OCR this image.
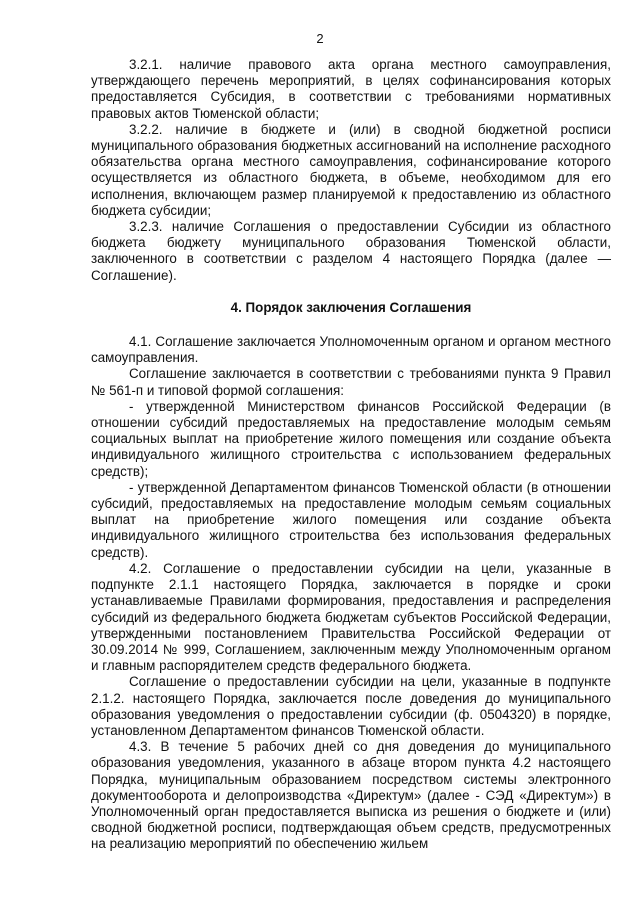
2

3.2.1. наличие правового акта органа местного самоуправления, утверждающего перечень мероприятий, в целях софинансирования которых предоставляется Субсидия, в соответствии с требованиями нормативных правовых актов Тюменской области;

3.2.2. наличие в бюджете и (или) в сводной бюджетной росписи муниципального образования бюджетных ассигнований на исполнение расходного обязательства органа местного самоуправления, софинансирование которого осуществляется из областного бюджета, в объеме, необходимом для его исполнения, включающем размер планируемой к предоставлению из областного бюджета субсидии;

3.2.3. наличие Соглашения о предоставлении Субсидии из областного бюджета бюджету муниципального образования Тюменской области, заключенного в соответствии с разделом 4 настоящего Порядка (далее — Соглашение).

4. Порядок заключения Соглашения

4.1. Соглашение заключается Уполномоченным органом и органом местного самоуправления.

Соглашение заключается в соответствии с требованиями пункта 9 Правил № 561-п и типовой формой соглашения:

- утвержденной Министерством финансов Российской Федерации (в отношении субсидий предоставляемых на предоставление молодым семьям социальных выплат на приобретение жилого помещения или создание объекта индивидуального жилищного строительства с использованием федеральных средств);

- утвержденной Департаментом финансов Тюменской области (в отношении субсидий, предоставляемых на предоставление молодым семьям социальных выплат на приобретение жилого помещения или создание объекта индивидуального жилищного строительства без использования федеральных средств).

4.2. Соглашение о предоставлении субсидии на цели, указанные в подпункте 2.1.1 настоящего Порядка, заключается в порядке и сроки устанавливаемые Правилами формирования, предоставления и распределения субсидий из федерального бюджета бюджетам субъектов Российской Федерации, утвержденными постановлением Правительства Российской Федерации от 30.09.2014 № 999, Соглашением, заключенным между Уполномоченным органом и главным распорядителем средств федерального бюджета.

Соглашение о предоставлении субсидии на цели, указанные в подпункте 2.1.2. настоящего Порядка, заключается после доведения до муниципального образования уведомления о предоставлении субсидии (ф. 0504320) в порядке, установленном Департаментом финансов Тюменской области.

4.3. В течение 5 рабочих дней со дня доведения до муниципального образования уведомления, указанного в абзаце втором пункта 4.2 настоящего Порядка, муниципальным образованием посредством системы электронного документооборота и делопроизводства «Директум» (далее - СЭД «Директум») в Уполномоченный орган предоставляется выписка из решения о бюджете и (или) сводной бюджетной росписи, подтверждающая объем средств, предусмотренных на реализацию мероприятий по обеспечению жильем
